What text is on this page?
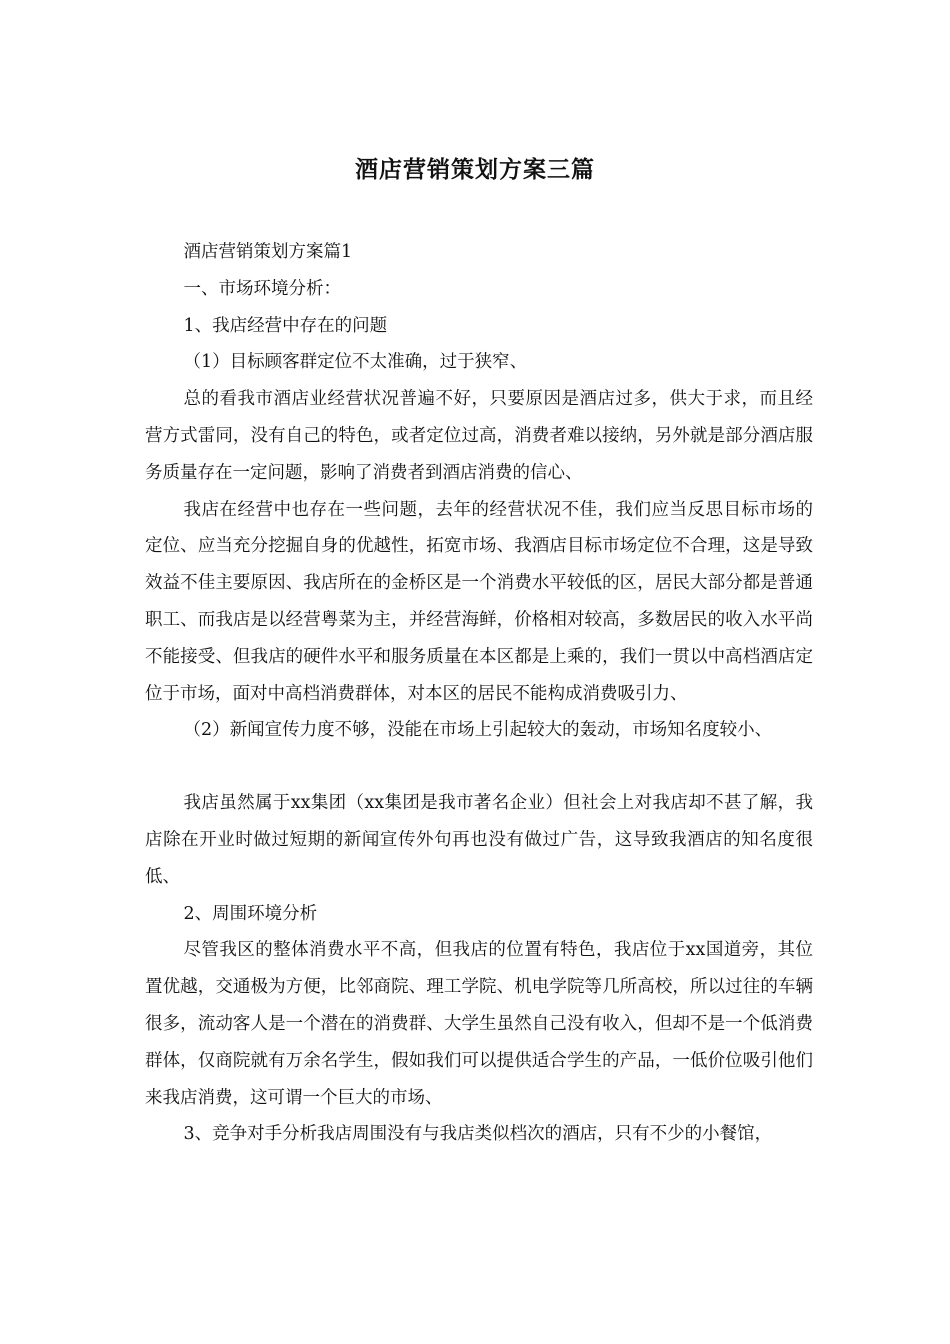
酒店营销策划方案三篇

酒店营销策划方案篇1

一、市场环境分析：

1、我店经营中存在的问题

（1）目标顾客群定位不太准确，过于狭窄、

总的看我市酒店业经营状况普遍不好，只要原因是酒店过多，供大于求，而且经营方式雷同，没有自己的特色，或者定位过高，消费者难以接纳，另外就是部分酒店服务质量存在一定问题，影响了消费者到酒店消费的信心、

我店在经营中也存在一些问题，去年的经营状况不佳，我们应当反思目标市场的定位、应当充分挖掘自身的优越性，拓宽市场、我酒店目标市场定位不合理，这是导致效益不佳主要原因、我店所在的金桥区是一个消费水平较低的区，居民大部分都是普通职工、而我店是以经营粤菜为主，并经营海鲜，价格相对较高，多数居民的收入水平尚不能接受、但我店的硬件水平和服务质量在本区都是上乘的，我们一贯以中高档酒店定位于市场，面对中高档消费群体，对本区的居民不能构成消费吸引力、

（2）新闻宣传力度不够，没能在市场上引起较大的轰动，市场知名度较小、

我店虽然属于xx集团（xx集团是我市著名企业）但社会上对我店却不甚了解，我店除在开业时做过短期的新闻宣传外句再也没有做过广告，这导致我酒店的知名度很低、

2、周围环境分析

尽管我区的整体消费水平不高，但我店的位置有特色，我店位于xx国道旁，其位置优越，交通极为方便，比邻商院、理工学院、机电学院等几所高校，所以过往的车辆很多，流动客人是一个潜在的消费群、大学生虽然自己没有收入，但却不是一个低消费群体，仅商院就有万余名学生，假如我们可以提供适合学生的产品，一低价位吸引他们来我店消费，这可谓一个巨大的市场、

3、竞争对手分析我店周围没有与我店类似档次的酒店，只有不少的小餐馆，
